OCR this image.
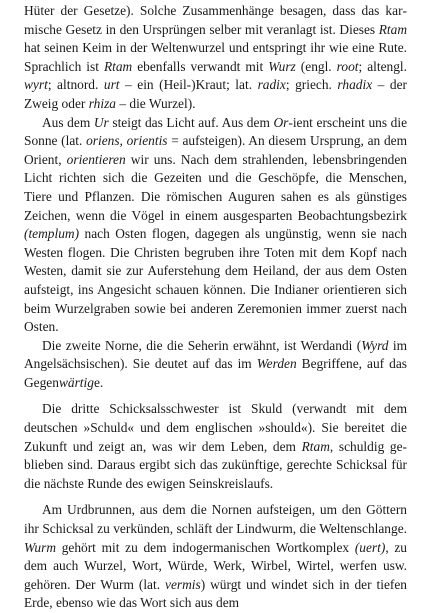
Hüter der Gesetze). Solche Zusammenhänge besagen, dass das karmische Gesetz in den Ursprüngen selber mit veranlagt ist. Dieses Rtam hat seinen Keim in der Weltenwurzel und entspringt ihr wie eine Rute. Sprachlich ist Rtam ebenfalls verwandt mit Wurz (engl. root; altengl. wyrt; altnord. urt – ein (Heil-)Kraut; lat. radix; griech. rhadix – der Zweig oder rhiza – die Wurzel).

Aus dem Ur steigt das Licht auf. Aus dem Or-ient erscheint uns die Sonne (lat. oriens, orientis = aufsteigen). An diesem Ursprung, an dem Orient, orientieren wir uns. Nach dem strahlenden, lebensbringenden Licht richten sich die Gezeiten und die Geschöpfe, die Menschen, Tiere und Pflanzen. Die römischen Auguren sahen es als günstiges Zeichen, wenn die Vögel in einem ausgesparten Beobachtungsbezirk (templum) nach Osten flogen, dagegen als ungünstig, wenn sie nach Westen flogen. Die Christen begruben ihre Toten mit dem Kopf nach Westen, damit sie zur Auferstehung dem Heiland, der aus dem Osten aufsteigt, ins Angesicht schauen können. Die Indianer orientieren sich beim Wurzelgraben sowie bei anderen Zeremonien immer zuerst nach Osten.

Die zweite Norne, die die Seherin erwähnt, ist Werdandi (Wyrd im Angelsächsischen). Sie deutet auf das im Werden Begriffene, auf das Gegenwärtige.

Die dritte Schicksalsschwester ist Skuld (verwandt mit dem deutschen »Schuld« und dem englischen »should«). Sie bereitet die Zukunft und zeigt an, was wir dem Leben, dem Rtam, schuldig geblieben sind. Daraus ergibt sich das zukünftige, gerechte Schicksal für die nächste Runde des ewigen Seinskreislaufs.

Am Urdbrunnen, aus dem die Nornen aufsteigen, um den Göttern ihr Schicksal zu verkünden, schläft der Lindwurm, die Weltenschlange. Wurm gehört mit zu dem indogermanischen Wortkomplex (uert), zu dem auch Wurzel, Wort, Würde, Werk, Wirbel, Wirtel, werfen usw. gehören. Der Wurm (lat. vermis) würgt und windet sich in der tiefen Erde, ebenso wie das Wort sich aus dem
